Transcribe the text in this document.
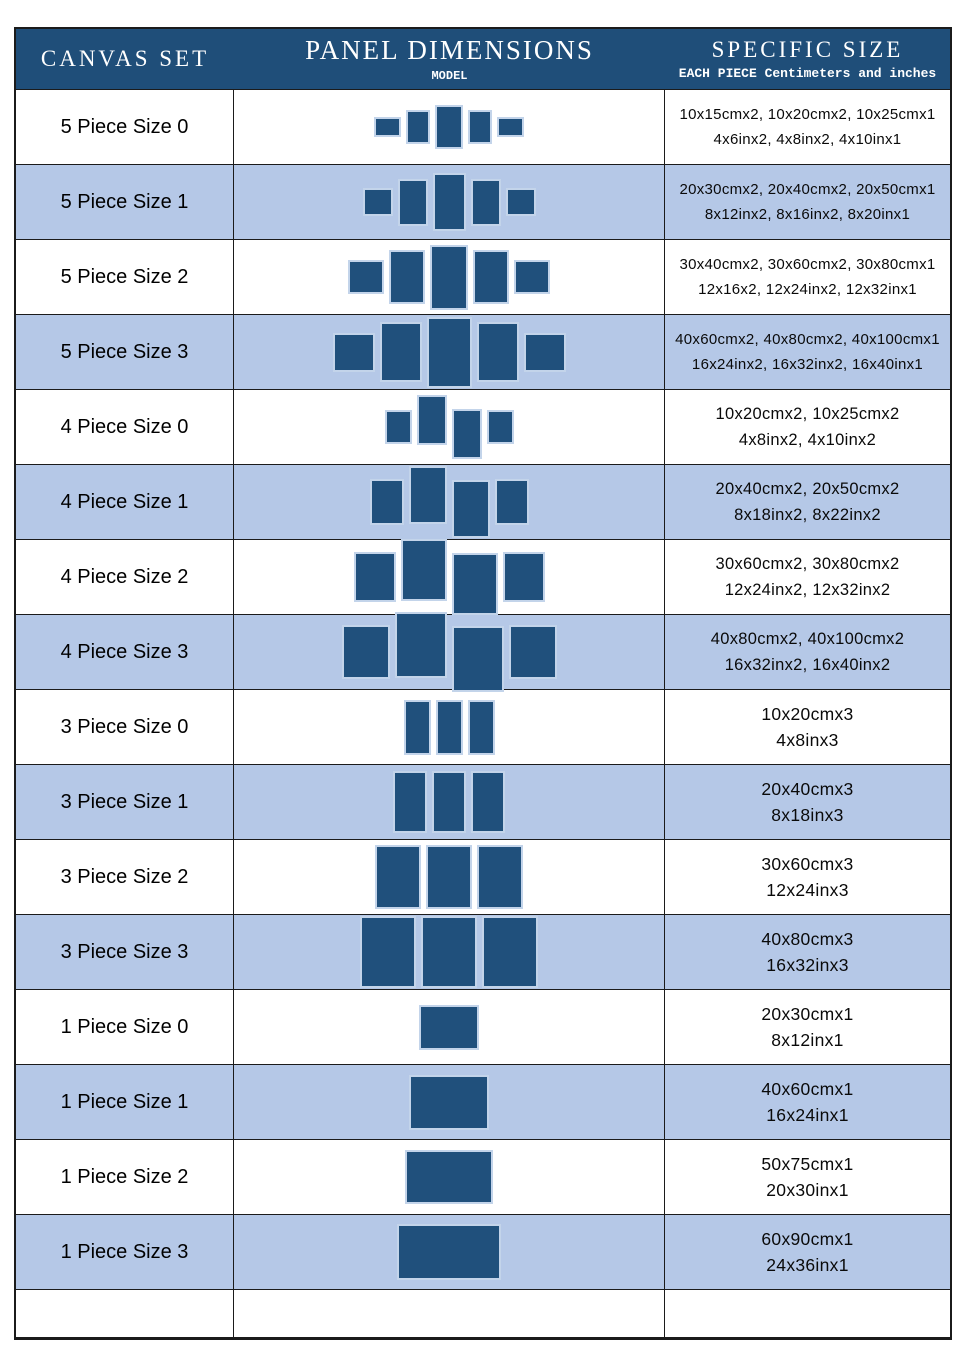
CANVAS SET	PANEL DIMENSIONS
MODEL
SPECIFIC SIZE
EACH PIECE Centimeters and inches
5 Piece Size 0
10x15cmx2, 10x20cmx2, 10x25cmx1
4x6inx2, 4x8inx2, 4x10inx1
5 Piece Size 1
20x30cmx2, 20x40cmx2, 20x50cmx1
8x12inx2, 8x16inx2, 8x20inx1
5 Piece Size 2
30x40cmx2, 30x60cmx2, 30x80cmx1
12x16x2, 12x24inx2, 12x32inx1
5 Piece Size 3
40x60cmx2, 40x80cmx2, 40x100cmx1
16x24inx2, 16x32inx2, 16x40inx1
4 Piece Size 0
10x20cmx2, 10x25cmx2
4x8inx2, 4x10inx2
4 Piece Size 1
20x40cmx2, 20x50cmx2
8x18inx2, 8x22inx2
4 Piece Size 2
30x60cmx2, 30x80cmx2
12x24inx2, 12x32inx2
4 Piece Size 3
40x80cmx2, 40x100cmx2
16x32inx2, 16x40inx2
3 Piece Size 0
10x20cmx3
4x8inx3
3 Piece Size 1
20x40cmx3
8x18inx3
3 Piece Size 2
30x60cmx3
12x24inx3
3 Piece Size 3
40x80cmx3
16x32inx3
1 Piece Size 0
20x30cmx1
8x12inx1
1 Piece Size 1
40x60cmx1
16x24inx1
1 Piece Size 2
50x75cmx1
20x30inx1
1 Piece Size 3
60x90cmx1
24x36inx1
